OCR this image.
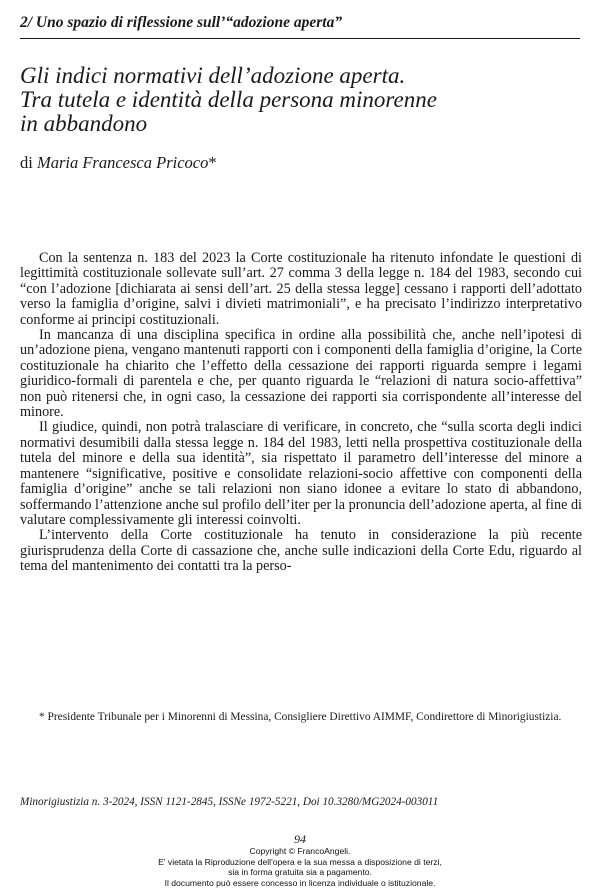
2/ Uno spazio di riflessione sull’“adozione aperta”
Gli indici normativi dell’adozione aperta.
Tra tutela e identità della persona minorenne
in abbandono
di Maria Francesca Pricoco*

Con la sentenza n. 183 del 2023 la Corte costituzionale ha ritenuto infondate le questioni di legittimità costituzionale sollevate sull’art. 27 comma 3 della legge n. 184 del 1983, secondo cui “con l’adozione [dichiarata ai sensi dell’art. 25 della stessa legge] cessano i rapporti dell’adottato verso la famiglia d’origine, salvi i divieti matrimoniali”, e ha precisato l’indirizzo interpretativo conforme ai principi costituzionali.

In mancanza di una disciplina specifica in ordine alla possibilità che, anche nell’ipotesi di un’adozione piena, vengano mantenuti rapporti con i componenti della famiglia d’origine, la Corte costituzionale ha chiarito che l’effetto della cessazione dei rapporti riguarda sempre i legami giuridico-formali di parentela e che, per quanto riguarda le “relazioni di natura socio-affettiva” non può ritenersi che, in ogni caso, la cessazione dei rapporti sia corrispondente all’interesse del minore.

Il giudice, quindi, non potrà tralasciare di verificare, in concreto, che “sulla scorta degli indici normativi desumibili dalla stessa legge n. 184 del 1983, letti nella prospettiva costituzionale della tutela del minore e della sua identità”, sia rispettato il parametro dell’interesse del minore a mantenere “significative, positive e consolidate relazioni-socio affettive con componenti della famiglia d’origine” anche se tali relazioni non siano idonee a evitare lo stato di abbandono, soffermando l’attenzione anche sul profilo dell’iter per la pronuncia dell’adozione aperta, al fine di valutare complessivamente gli interessi coinvolti.

L’intervento della Corte costituzionale ha tenuto in considerazione la più recente giurisprudenza della Corte di cassazione che, anche sulle indicazioni della Corte Edu, riguardo al tema del mantenimento dei contatti tra la perso-

* Presidente Tribunale per i Minorenni di Messina, Consigliere Direttivo AIMMF, Condirettore di Minorigiustizia.
Minorigiustizia n. 3-2024, ISSN 1121-2845, ISSNe 1972-5221, Doi 10.3280/MG2024-003011
94
Copyright © FrancoAngeli.
E' vietata la Riproduzione dell'opera e la sua messa a disposizione di terzi,
sia in forma gratuita sia a pagamento.
Il documento può essere concesso in licenza individuale o istituzionale.
